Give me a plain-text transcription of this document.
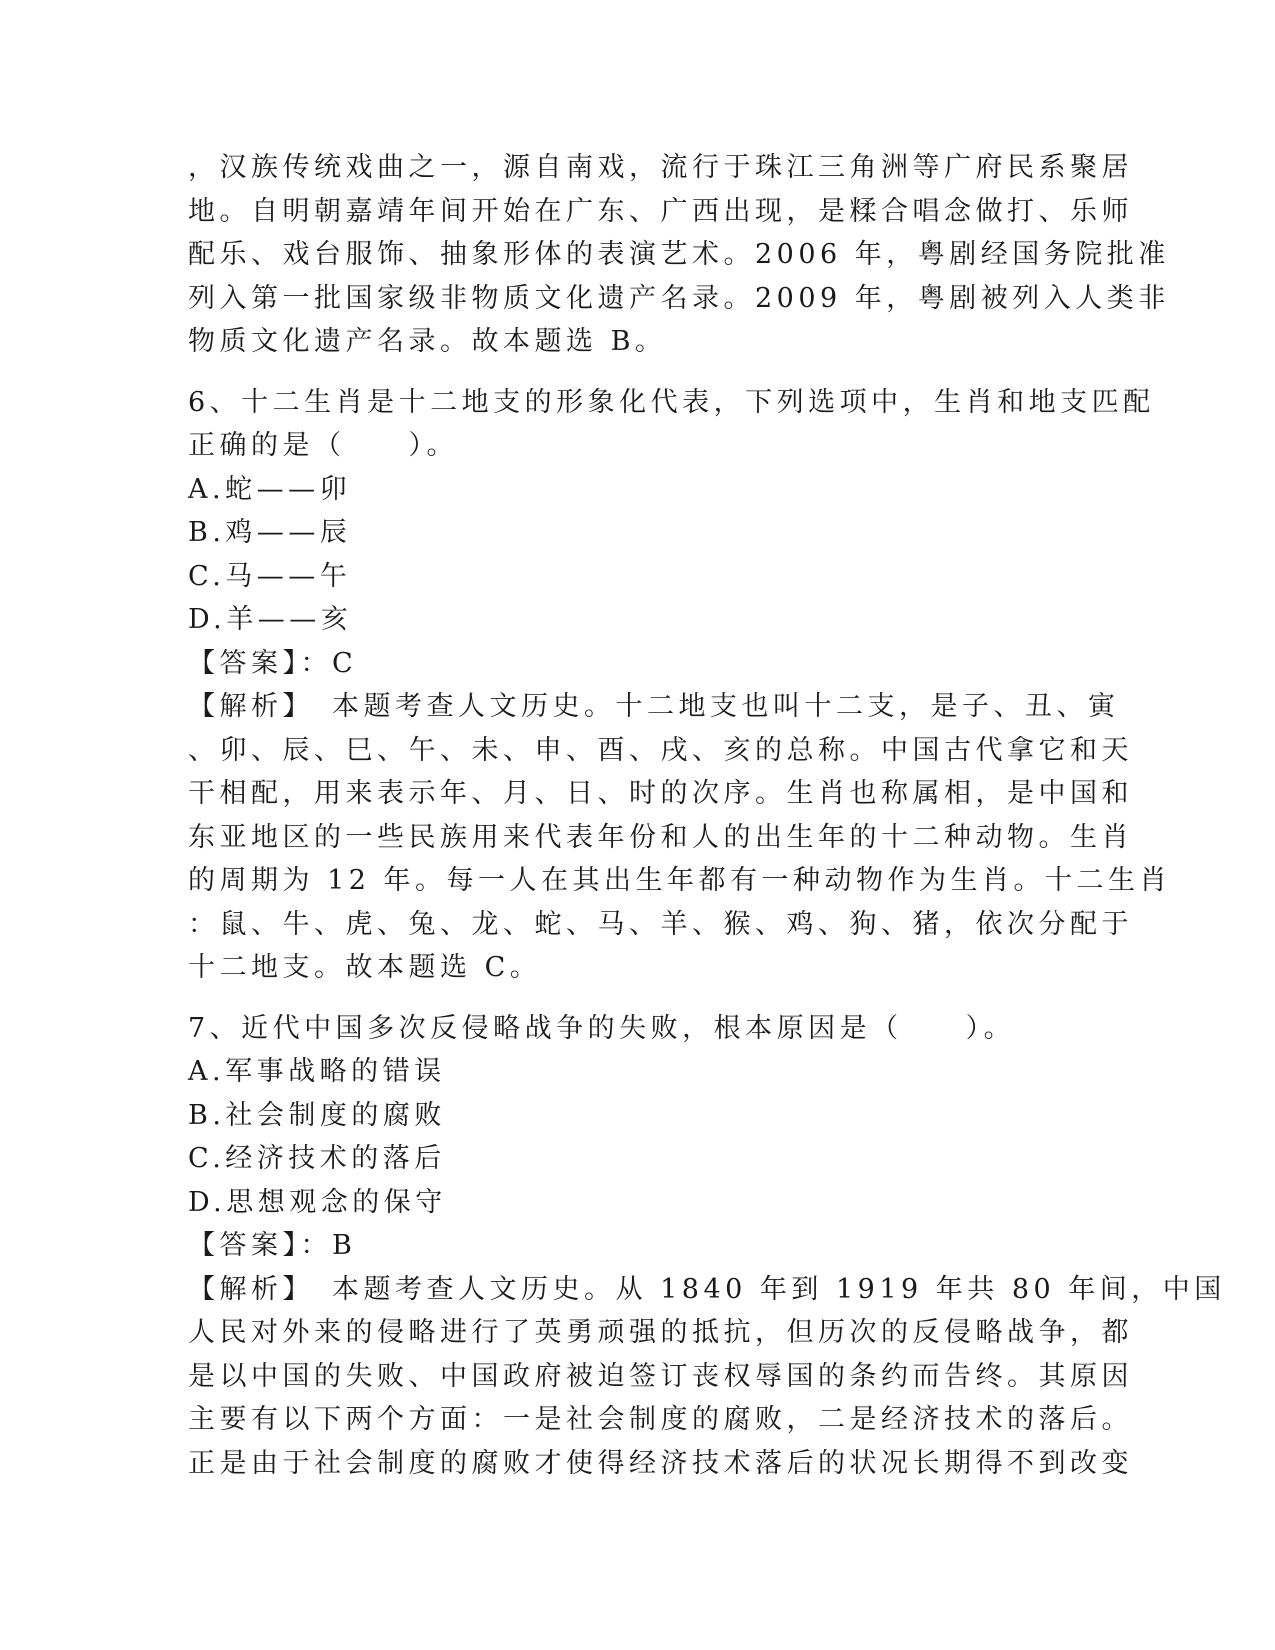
，汉族传统戏曲之一，源自南戏，流行于珠江三角洲等广府民系聚居
地。自明朝嘉靖年间开始在广东、广西出现，是糅合唱念做打、乐师
配乐、戏台服饰、抽象形体的表演艺术。2006 年，粤剧经国务院批准
列入第一批国家级非物质文化遗产名录。2009 年，粤剧被列入人类非
物质文化遗产名录。故本题选 B。
6、十二生肖是十二地支的形象化代表，下列选项中，生肖和地支匹配
正确的是（　　）。
A.蛇——卯
B.鸡——辰
C.马——午
D.羊——亥
【答案】：C
【解析】　本题考查人文历史。十二地支也叫十二支，是子、丑、寅
、卯、辰、巳、午、未、申、酉、戌、亥的总称。中国古代拿它和天
干相配，用来表示年、月、日、时的次序。生肖也称属相，是中国和
东亚地区的一些民族用来代表年份和人的出生年的十二种动物。生肖
的周期为 12 年。每一人在其出生年都有一种动物作为生肖。十二生肖
：鼠、牛、虎、兔、龙、蛇、马、羊、猴、鸡、狗、猪，依次分配于
十二地支。故本题选 C。
7、近代中国多次反侵略战争的失败，根本原因是（　　）。
A.军事战略的错误
B.社会制度的腐败
C.经济技术的落后
D.思想观念的保守
【答案】：B
【解析】　本题考查人文历史。从 1840 年到 1919 年共 80 年间，中国
人民对外来的侵略进行了英勇顽强的抵抗，但历次的反侵略战争，都
是以中国的失败、中国政府被迫签订丧权辱国的条约而告终。其原因
主要有以下两个方面：一是社会制度的腐败，二是经济技术的落后。
正是由于社会制度的腐败才使得经济技术落后的状况长期得不到改变
